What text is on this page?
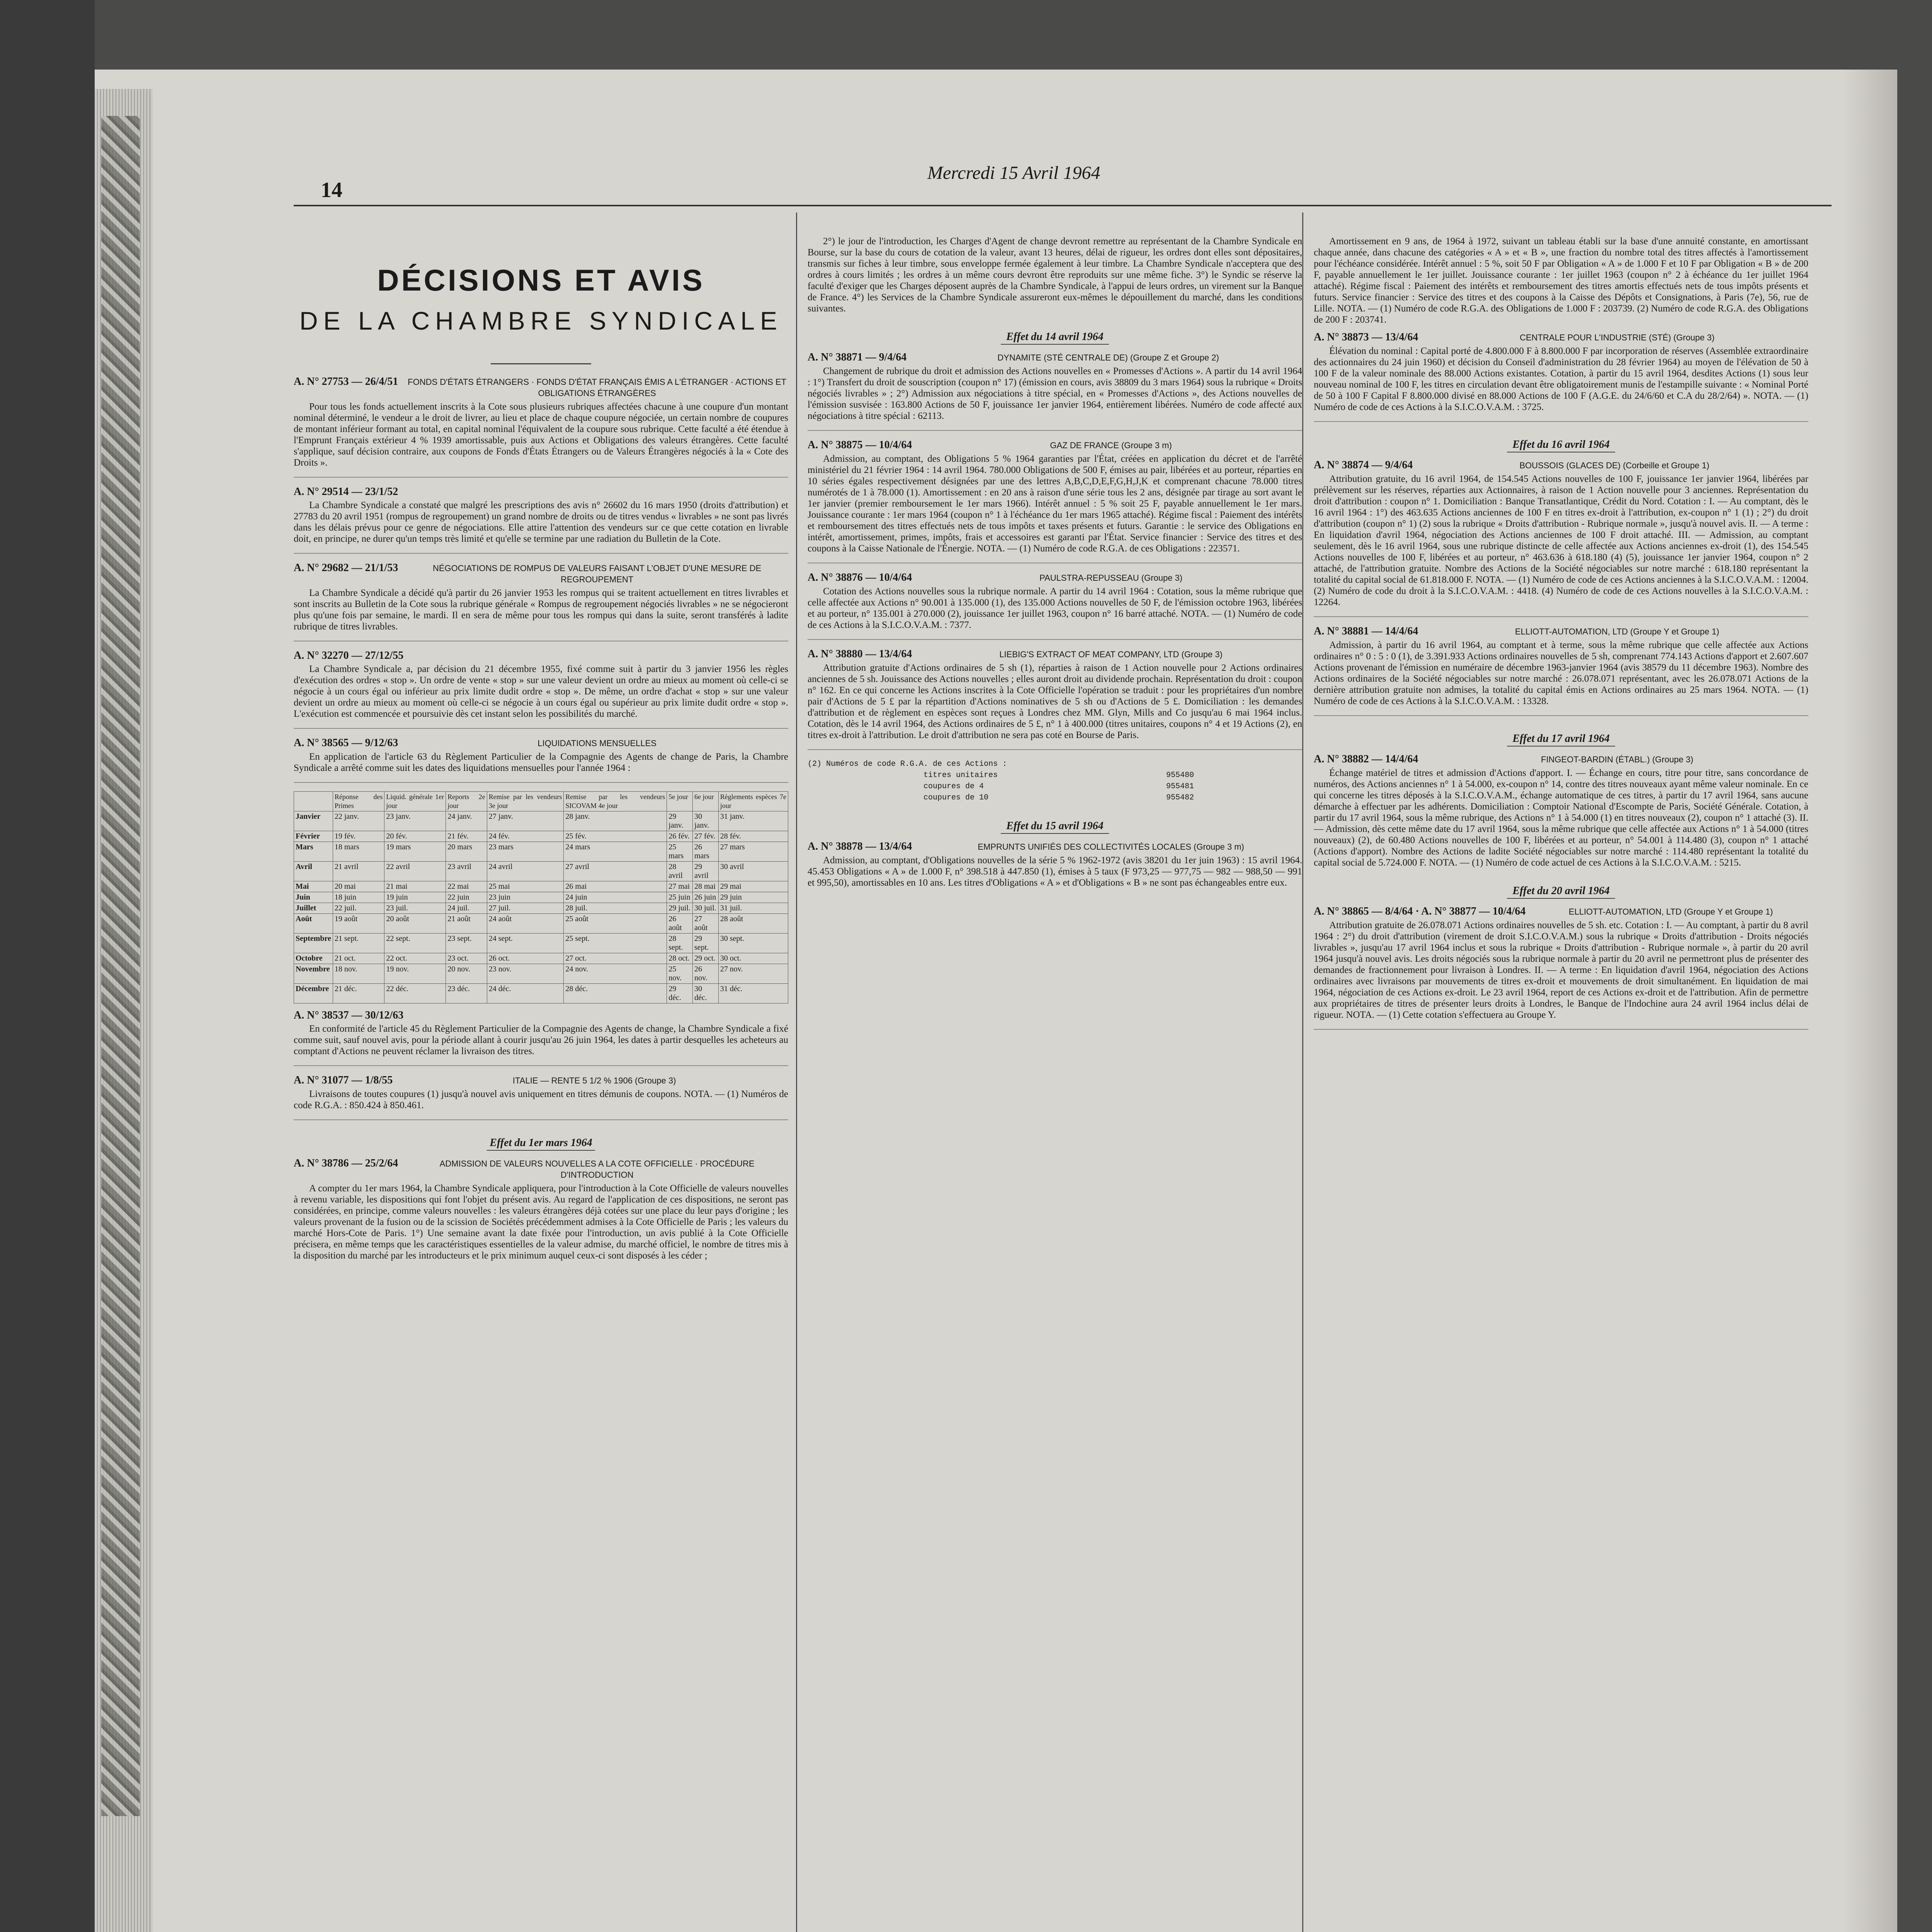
14
Mercredi 15 Avril 1964
DÉCISIONS ET AVIS
DE LA CHAMBRE SYNDICALE
A. N° 27753 — 26/4/51 FONDS D'ÉTATS ÉTRANGERS · FONDS D'ÉTAT FRANÇAIS ÉMIS A L'ÉTRANGER · ACTIONS ET OBLIGATIONS ÉTRANGÈRES
Pour tous les fonds actuellement inscrits à la Cote sous plusieurs rubriques affectées chacune à une coupure d'un montant nominal déterminé, le vendeur a le droit de livrer, au lieu et place de chaque coupure négociée, un certain nombre de coupures de montant inférieur formant au total, en capital nominal l'équivalent de la coupure sous rubrique. Cette faculté a été étendue à l'Emprunt Français extérieur 4 % 1939 amortissable, puis aux Actions et Obligations des valeurs étrangères. Cette faculté s'applique, sauf décision contraire, aux coupons de Fonds d'États Étrangers ou de Valeurs Étrangères négociés à la « Cote des Droits ».
A. N° 29514 — 23/1/52
La Chambre Syndicale a constaté que malgré les prescriptions des avis n° 26602 du 16 mars 1950 (droits d'attribution) et 27783 du 20 avril 1951 (rompus de regroupement) un grand nombre de droits ou de titres vendus « livrables » ne sont pas livrés dans les délais prévus pour ce genre de négociations. Elle attire l'attention des vendeurs sur ce que cette cotation en livrable doit, en principe, ne durer qu'un temps très limité et qu'elle se termine par une radiation du Bulletin de la Cote.
A. N° 29682 — 21/1/53	NÉGOCIATIONS DE ROMPUS DE VALEURS FAISANT L'OBJET D'UNE MESURE DE REGROUPEMENT
La Chambre Syndicale a décidé qu'à partir du 26 janvier 1953 les rompus qui se traitent actuellement en titres livrables et sont inscrits au Bulletin de la Cote sous la rubrique générale « Rompus de regroupement négociés livrables » ne se négocieront plus qu'une fois par semaine, le mardi. Il en sera de même pour tous les rompus qui dans la suite, seront transférés à ladite rubrique de titres livrables.
A. N° 32270 — 27/12/55
La Chambre Syndicale a, par décision du 21 décembre 1955, fixé comme suit à partir du 3 janvier 1956 les règles d'exécution des ordres « stop ». Un ordre de vente « stop » sur une valeur devient un ordre au mieux au moment où celle-ci se négocie à un cours égal ou inférieur au prix limite dudit ordre « stop ». De même, un ordre d'achat « stop » sur une valeur devient un ordre au mieux au moment où celle-ci se négocie à un cours égal ou supérieur au prix limite dudit ordre « stop ». L'exécution est commencée et poursuivie dès cet instant selon les possibilités du marché.
A. N° 38565 — 9/12/63	LIQUIDATIONS MENSUELLES
En application de l'article 63 du Règlement Particulier de la Compagnie des Agents de change de Paris, la Chambre Syndicale a arrêté comme suit les dates des liquidations mensuelles pour l'année 1964 :
	Réponse des Primes	Liquid. générale 1er jour	Reports 2e jour	Remise par les vendeurs 3e jour	Remise par les vendeurs SICOVAM 4e jour	5e jour	6e jour	Règlements espèces 7e jour
Janvier	22 janv.	23 janv.	24 janv.	27 janv.	28 janv.	29 janv.	30 janv.	31 janv.
Février	19 fév.	20 fév.	21 fév.	24 fév.	25 fév.	26 fév.	27 fév.	28 fév.
Mars	18 mars	19 mars	20 mars	23 mars	24 mars	25 mars	26 mars	27 mars
Avril	21 avril	22 avril	23 avril	24 avril	27 avril	28 avril	29 avril	30 avril
Mai	20 mai	21 mai	22 mai	25 mai	26 mai	27 mai	28 mai	29 mai
Juin	18 juin	19 juin	22 juin	23 juin	24 juin	25 juin	26 juin	29 juin
Juillet	22 juil.	23 juil.	24 juil.	27 juil.	28 juil.	29 juil.	30 juil.	31 juil.
Août	19 août	20 août	21 août	24 août	25 août	26 août	27 août	28 août
Septembre	21 sept.	22 sept.	23 sept.	24 sept.	25 sept.	28 sept.	29 sept.	30 sept.
Octobre	21 oct.	22 oct.	23 oct.	26 oct.	27 oct.	28 oct.	29 oct.	30 oct.
Novembre	18 nov.	19 nov.	20 nov.	23 nov.	24 nov.	25 nov.	26 nov.	27 nov.
Décembre	21 déc.	22 déc.	23 déc.	24 déc.	28 déc.	29 déc.	30 déc.	31 déc.
A. N° 38537 — 30/12/63
En conformité de l'article 45 du Règlement Particulier de la Compagnie des Agents de change, la Chambre Syndicale a fixé comme suit, sauf nouvel avis, pour la période allant à courir jusqu'au 26 juin 1964, les dates à partir desquelles les acheteurs au comptant d'Actions ne peuvent réclamer la livraison des titres.
A. N° 31077 — 1/8/55	ITALIE — RENTE 5 1/2 % 1906 (Groupe 3)
Livraisons de toutes coupures (1) jusqu'à nouvel avis uniquement en titres démunis de coupons. NOTA. — (1) Numéros de code R.G.A. : 850.424 à 850.461.
Effet du 1er mars 1964
A. N° 38786 — 25/2/64	ADMISSION DE VALEURS NOUVELLES A LA COTE OFFICIELLE · PROCÉDURE D'INTRODUCTION
A compter du 1er mars 1964, la Chambre Syndicale appliquera, pour l'introduction à la Cote Officielle de valeurs nouvelles à revenu variable, les dispositions qui font l'objet du présent avis. Au regard de l'application de ces dispositions, ne seront pas considérées, en principe, comme valeurs nouvelles : les valeurs étrangères déjà cotées sur une place du leur pays d'origine ; les valeurs provenant de la fusion ou de la scission de Sociétés précédemment admises à la Cote Officielle de Paris ; les valeurs du marché Hors-Cote de Paris. 1°) Une semaine avant la date fixée pour l'introduction, un avis publié à la Cote Officielle précisera, en même temps que les caractéristiques essentielles de la valeur admise, du marché officiel, le nombre de titres mis à la disposition du marché par les introducteurs et le prix minimum auquel ceux-ci sont disposés à les céder ;
2°) le jour de l'introduction, les Charges d'Agent de change devront remettre au représentant de la Chambre Syndicale en Bourse, sur la base du cours de cotation de la valeur, avant 13 heures, délai de rigueur, les ordres dont elles sont dépositaires, transmis sur fiches à leur timbre, sous enveloppe fermée également à leur timbre. La Chambre Syndicale n'acceptera que des ordres à cours limités ; les ordres à un même cours devront être reproduits sur une même fiche. 3°) le Syndic se réserve la faculté d'exiger que les Charges déposent auprès de la Chambre Syndicale, à l'appui de leurs ordres, un virement sur la Banque de France. 4°) les Services de la Chambre Syndicale assureront eux-mêmes le dépouillement du marché, dans les conditions suivantes.
Effet du 14 avril 1964
A. N° 38871 — 9/4/64	DYNAMITE (STÉ CENTRALE DE) (Groupe Z et Groupe 2)
Changement de rubrique du droit et admission des Actions nouvelles en « Promesses d'Actions ». A partir du 14 avril 1964 : 1°) Transfert du droit de souscription (coupon n° 17) (émission en cours, avis 38809 du 3 mars 1964) sous la rubrique « Droits négociés livrables » ; 2°) Admission aux négociations à titre spécial, en « Promesses d'Actions », des Actions nouvelles de l'émission susvisée : 163.800 Actions de 50 F, jouissance 1er janvier 1964, entièrement libérées. Numéro de code affecté aux négociations à titre spécial : 62113.
A. N° 38875 — 10/4/64	GAZ DE FRANCE (Groupe 3 m)
Admission, au comptant, des Obligations 5 % 1964 garanties par l'État, créées en application du décret et de l'arrêté ministériel du 21 février 1964 : 14 avril 1964. 780.000 Obligations de 500 F, émises au pair, libérées et au porteur, réparties en 10 séries égales respectivement désignées par une des lettres A,B,C,D,E,F,G,H,J,K et comprenant chacune 78.000 titres numérotés de 1 à 78.000 (1). Amortissement : en 20 ans à raison d'une série tous les 2 ans, désignée par tirage au sort avant le 1er janvier (premier remboursement le 1er mars 1966). Intérêt annuel : 5 % soit 25 F, payable annuellement le 1er mars. Jouissance courante : 1er mars 1964 (coupon n° 1 à l'échéance du 1er mars 1965 attaché). Régime fiscal : Paiement des intérêts et remboursement des titres effectués nets de tous impôts et taxes présents et futurs. Garantie : le service des Obligations en intérêt, amortissement, primes, impôts, frais et accessoires est garanti par l'État. Service financier : Service des titres et des coupons à la Caisse Nationale de l'Énergie. NOTA. — (1) Numéro de code R.G.A. de ces Obligations : 223571.
A. N° 38876 — 10/4/64	PAULSTRA-REPUSSEAU (Groupe 3)
Cotation des Actions nouvelles sous la rubrique normale. A partir du 14 avril 1964 : Cotation, sous la même rubrique que celle affectée aux Actions n° 90.001 à 135.000 (1), des 135.000 Actions nouvelles de 50 F, de l'émission octobre 1963, libérées et au porteur, n° 135.001 à 270.000 (2), jouissance 1er juillet 1963, coupon n° 16 barré attaché. NOTA. — (1) Numéro de code de ces Actions à la S.I.C.O.V.A.M. : 7377.
A. N° 38880 — 13/4/64	LIEBIG'S EXTRACT OF MEAT COMPANY, LTD (Groupe 3)
Attribution gratuite d'Actions ordinaires de 5 sh (1), réparties à raison de 1 Action nouvelle pour 2 Actions ordinaires anciennes de 5 sh. Jouissance des Actions nouvelles ; elles auront droit au dividende prochain. Représentation du droit : coupon n° 162. En ce qui concerne les Actions inscrites à la Cote Officielle l'opération se traduit : pour les propriétaires d'un nombre pair d'Actions de 5 £ par la répartition d'Actions nominatives de 5 sh ou d'Actions de 5 £. Domiciliation : les demandes d'attribution et de règlement en espèces sont reçues à Londres chez MM. Glyn, Mills and Co jusqu'au 6 mai 1964 inclus. Cotation, dès le 14 avril 1964, des Actions ordinaires de 5 £, n° 1 à 400.000 (titres unitaires, coupons n° 4 et 19 Actions (2), en titres ex-droit à l'attribution. Le droit d'attribution ne sera pas coté en Bourse de Paris.
(2) Numéros de code R.G.A. de ces Actions :
titres unitaires	955480
coupures de 4	955481
coupures de 10	955482
Effet du 15 avril 1964
A. N° 38878 — 13/4/64	EMPRUNTS UNIFIÉS DES COLLECTIVITÉS LOCALES (Groupe 3 m)
Admission, au comptant, d'Obligations nouvelles de la série 5 % 1962-1972 (avis 38201 du 1er juin 1963) : 15 avril 1964. 45.453 Obligations « A » de 1.000 F, n° 398.518 à 447.850 (1), émises à 5 taux (F 973,25 — 977,75 — 982 — 988,50 — 991 et 995,50), amortissables en 10 ans. Les titres d'Obligations « A » et d'Obligations « B » ne sont pas échangeables entre eux.
Amortissement en 9 ans, de 1964 à 1972, suivant un tableau établi sur la base d'une annuité constante, en amortissant chaque année, dans chacune des catégories « A » et « B », une fraction du nombre total des titres affectés à l'amortissement pour l'échéance considérée. Intérêt annuel : 5 %, soit 50 F par Obligation « A » de 1.000 F et 10 F par Obligation « B » de 200 F, payable annuellement le 1er juillet. Jouissance courante : 1er juillet 1963 (coupon n° 2 à échéance du 1er juillet 1964 attaché). Régime fiscal : Paiement des intérêts et remboursement des titres amortis effectués nets de tous impôts présents et futurs. Service financier : Service des titres et des coupons à la Caisse des Dépôts et Consignations, à Paris (7e), 56, rue de Lille. NOTA. — (1) Numéro de code R.G.A. des Obligations de 1.000 F : 203739. (2) Numéro de code R.G.A. des Obligations de 200 F : 203741.
A. N° 38873 — 13/4/64	CENTRALE POUR L'INDUSTRIE (STÉ) (Groupe 3)
Élévation du nominal : Capital porté de 4.800.000 F à 8.800.000 F par incorporation de réserves (Assemblée extraordinaire des actionnaires du 24 juin 1960) et décision du Conseil d'administration du 28 février 1964) au moyen de l'élévation de 50 à 100 F de la valeur nominale des 88.000 Actions existantes. Cotation, à partir du 15 avril 1964, desdites Actions (1) sous leur nouveau nominal de 100 F, les titres en circulation devant être obligatoirement munis de l'estampille suivante : « Nominal Porté de 50 à 100 F Capital F 8.800.000 divisé en 88.000 Actions de 100 F (A.G.E. du 24/6/60 et C.A du 28/2/64) ». NOTA. — (1) Numéro de code de ces Actions à la S.I.C.O.V.A.M. : 3725.
Effet du 16 avril 1964
A. N° 38874 — 9/4/64	BOUSSOIS (GLACES DE) (Corbeille et Groupe 1)
Attribution gratuite, du 16 avril 1964, de 154.545 Actions nouvelles de 100 F, jouissance 1er janvier 1964, libérées par prélèvement sur les réserves, réparties aux Actionnaires, à raison de 1 Action nouvelle pour 3 anciennes. Représentation du droit d'attribution : coupon n° 1. Domiciliation : Banque Transatlantique, Crédit du Nord. Cotation : I. — Au comptant, dès le 16 avril 1964 : 1°) des 463.635 Actions anciennes de 100 F en titres ex-droit à l'attribution, ex-coupon n° 1 (1) ; 2°) du droit d'attribution (coupon n° 1) (2) sous la rubrique « Droits d'attribution - Rubrique normale », jusqu'à nouvel avis. II. — A terme : En liquidation d'avril 1964, négociation des Actions anciennes de 100 F droit attaché. III. — Admission, au comptant seulement, dès le 16 avril 1964, sous une rubrique distincte de celle affectée aux Actions anciennes ex-droit (1), des 154.545 Actions nouvelles de 100 F, libérées et au porteur, n° 463.636 à 618.180 (4) (5), jouissance 1er janvier 1964, coupon n° 2 attaché, de l'attribution gratuite. Nombre des Actions de la Société négociables sur notre marché : 618.180 représentant la totalité du capital social de 61.818.000 F. NOTA. — (1) Numéro de code de ces Actions anciennes à la S.I.C.O.V.A.M. : 12004. (2) Numéro de code du droit à la S.I.C.O.V.A.M. : 4418. (4) Numéro de code de ces Actions nouvelles à la S.I.C.O.V.A.M. : 12264.
A. N° 38881 — 14/4/64	ELLIOTT-AUTOMATION, LTD (Groupe Y et Groupe 1)
Admission, à partir du 16 avril 1964, au comptant et à terme, sous la même rubrique que celle affectée aux Actions ordinaires n° 0 : 5 : 0 (1), de 3.391.933 Actions ordinaires nouvelles de 5 sh, comprenant 774.143 Actions d'apport et 2.607.607 Actions provenant de l'émission en numéraire de décembre 1963-janvier 1964 (avis 38579 du 11 décembre 1963). Nombre des Actions ordinaires de la Société négociables sur notre marché : 26.078.071 représentant, avec les 26.078.071 Actions de la dernière attribution gratuite non admises, la totalité du capital émis en Actions ordinaires au 25 mars 1964. NOTA. — (1) Numéro de code de ces Actions à la S.I.C.O.V.A.M. : 13328.
Effet du 17 avril 1964
A. N° 38882 — 14/4/64	FINGEOT-BARDIN (ÉTABL.) (Groupe 3)
Échange matériel de titres et admission d'Actions d'apport. I. — Échange en cours, titre pour titre, sans concordance de numéros, des Actions anciennes n° 1 à 54.000, ex-coupon n° 14, contre des titres nouveaux ayant même valeur nominale. En ce qui concerne les titres déposés à la S.I.C.O.V.A.M., échange automatique de ces titres, à partir du 17 avril 1964, sans aucune démarche à effectuer par les adhérents. Domiciliation : Comptoir National d'Escompte de Paris, Société Générale. Cotation, à partir du 17 avril 1964, sous la même rubrique, des Actions n° 1 à 54.000 (1) en titres nouveaux (2), coupon n° 1 attaché (3). II. — Admission, dès cette même date du 17 avril 1964, sous la même rubrique que celle affectée aux Actions n° 1 à 54.000 (titres nouveaux) (2), de 60.480 Actions nouvelles de 100 F, libérées et au porteur, n° 54.001 à 114.480 (3), coupon n° 1 attaché (Actions d'apport). Nombre des Actions de ladite Société négociables sur notre marché : 114.480 représentant la totalité du capital social de 5.724.000 F. NOTA. — (1) Numéro de code actuel de ces Actions à la S.I.C.O.V.A.M. : 5215.
Effet du 20 avril 1964
A. N° 38865 — 8/4/64 · A. N° 38877 — 10/4/64	ELLIOTT-AUTOMATION, LTD (Groupe Y et Groupe 1)
Attribution gratuite de 26.078.071 Actions ordinaires nouvelles de 5 sh. etc. Cotation : I. — Au comptant, à partir du 8 avril 1964 : 2°) du droit d'attribution (virement de droit S.I.C.O.V.A.M.) sous la rubrique « Droits d'attribution - Droits négociés livrables », jusqu'au 17 avril 1964 inclus et sous la rubrique « Droits d'attribution - Rubrique normale », à partir du 20 avril 1964 jusqu'à nouvel avis. Les droits négociés sous la rubrique normale à partir du 20 avril ne permettront plus de présenter des demandes de fractionnement pour livraison à Londres. II. — A terme : En liquidation d'avril 1964, négociation des Actions ordinaires avec livraisons par mouvements de titres ex-droit et mouvements de droit simultanément. En liquidation de mai 1964, négociation de ces Actions ex-droit. Le 23 avril 1964, report de ces Actions ex-droit et de l'attribution. Afin de permettre aux propriétaires de titres de présenter leurs droits à Londres, le Banque de l'Indochine aura 24 avril 1964 inclus délai de rigueur. NOTA. — (1) Cette cotation s'effectuera au Groupe Y.
